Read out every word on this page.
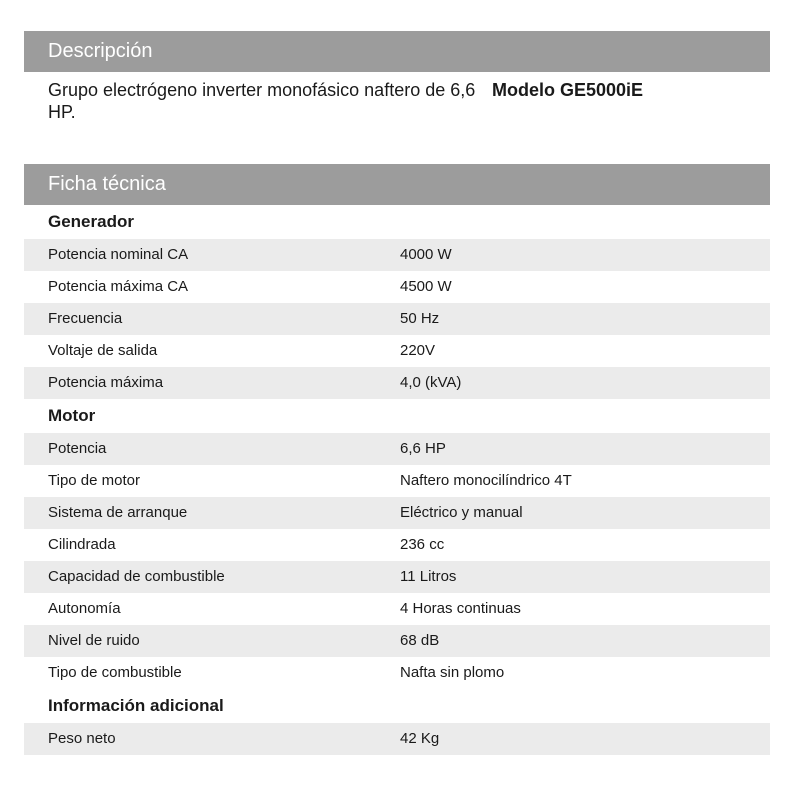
Descripción
Grupo electrógeno inverter monofásico naftero de 6,6 HP.
Modelo GE5000iE
Ficha técnica
Generador
Potencia nominal CA	4000 W
Potencia máxima CA	4500 W
Frecuencia	50 Hz
Voltaje de salida	220V
Potencia máxima	4,0 (kVA)
Motor
Potencia	6,6 HP
Tipo de motor	Naftero monocilíndrico 4T
Sistema de arranque	Eléctrico y manual
Cilindrada	236 cc
Capacidad de combustible	11 Litros
Autonomía	4 Horas continuas
Nivel de ruido	68 dB
Tipo de combustible	Nafta sin plomo
Información adicional
Peso neto	42 Kg
